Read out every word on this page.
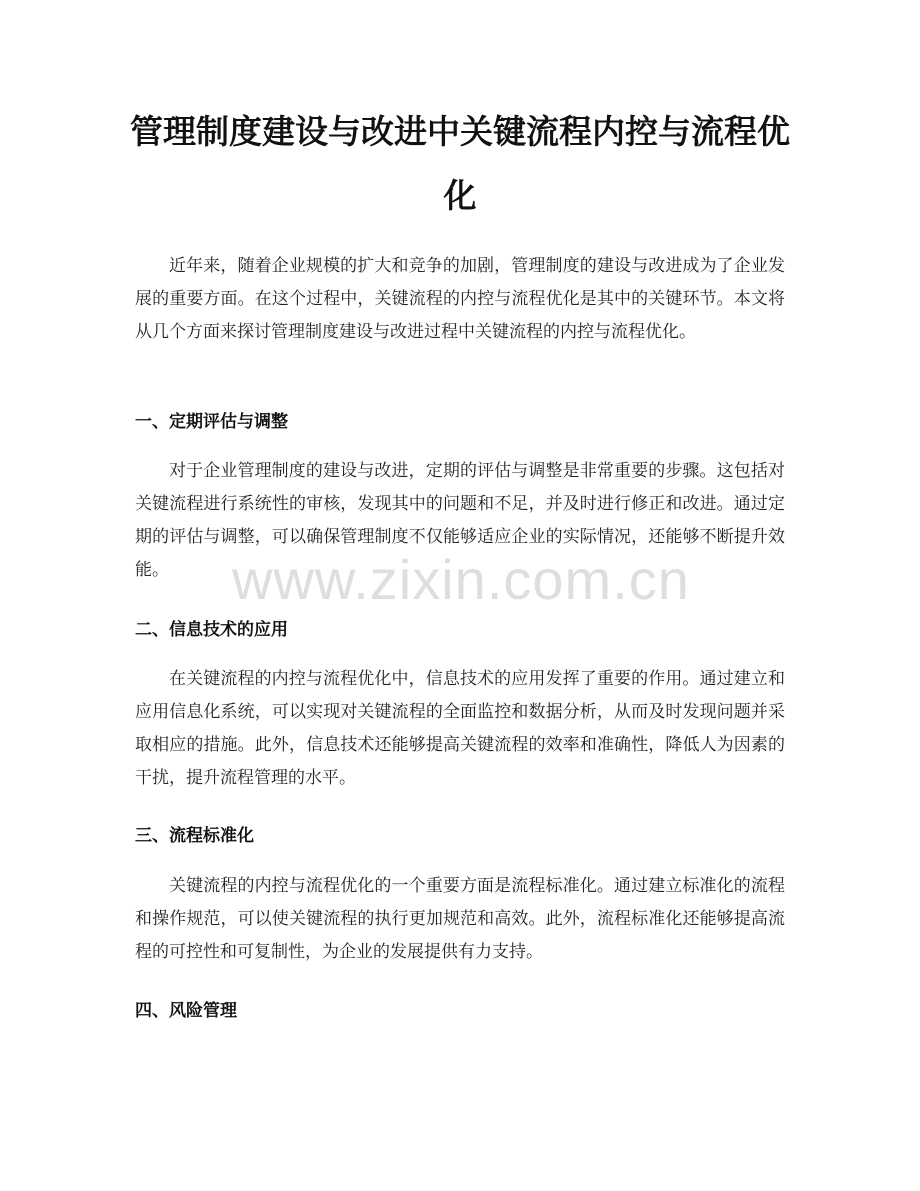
管理制度建设与改进中关键流程内控与流程优化

近年来，随着企业规模的扩大和竞争的加剧，管理制度的建设与改进成为了企业发展的重要方面。在这个过程中，关键流程的内控与流程优化是其中的关键环节。本文将从几个方面来探讨管理制度建设与改进过程中关键流程的内控与流程优化。

一、定期评估与调整

对于企业管理制度的建设与改进，定期的评估与调整是非常重要的步骤。这包括对关键流程进行系统性的审核，发现其中的问题和不足，并及时进行修正和改进。通过定期的评估与调整，可以确保管理制度不仅能够适应企业的实际情况，还能够不断提升效能。

二、信息技术的应用

在关键流程的内控与流程优化中，信息技术的应用发挥了重要的作用。通过建立和应用信息化系统，可以实现对关键流程的全面监控和数据分析，从而及时发现问题并采取相应的措施。此外，信息技术还能够提高关键流程的效率和准确性，降低人为因素的干扰，提升流程管理的水平。

三、流程标准化

关键流程的内控与流程优化的一个重要方面是流程标准化。通过建立标准化的流程和操作规范，可以使关键流程的执行更加规范和高效。此外，流程标准化还能够提高流程的可控性和可复制性，为企业的发展提供有力支持。

四、风险管理
www.zixin.com.cn
